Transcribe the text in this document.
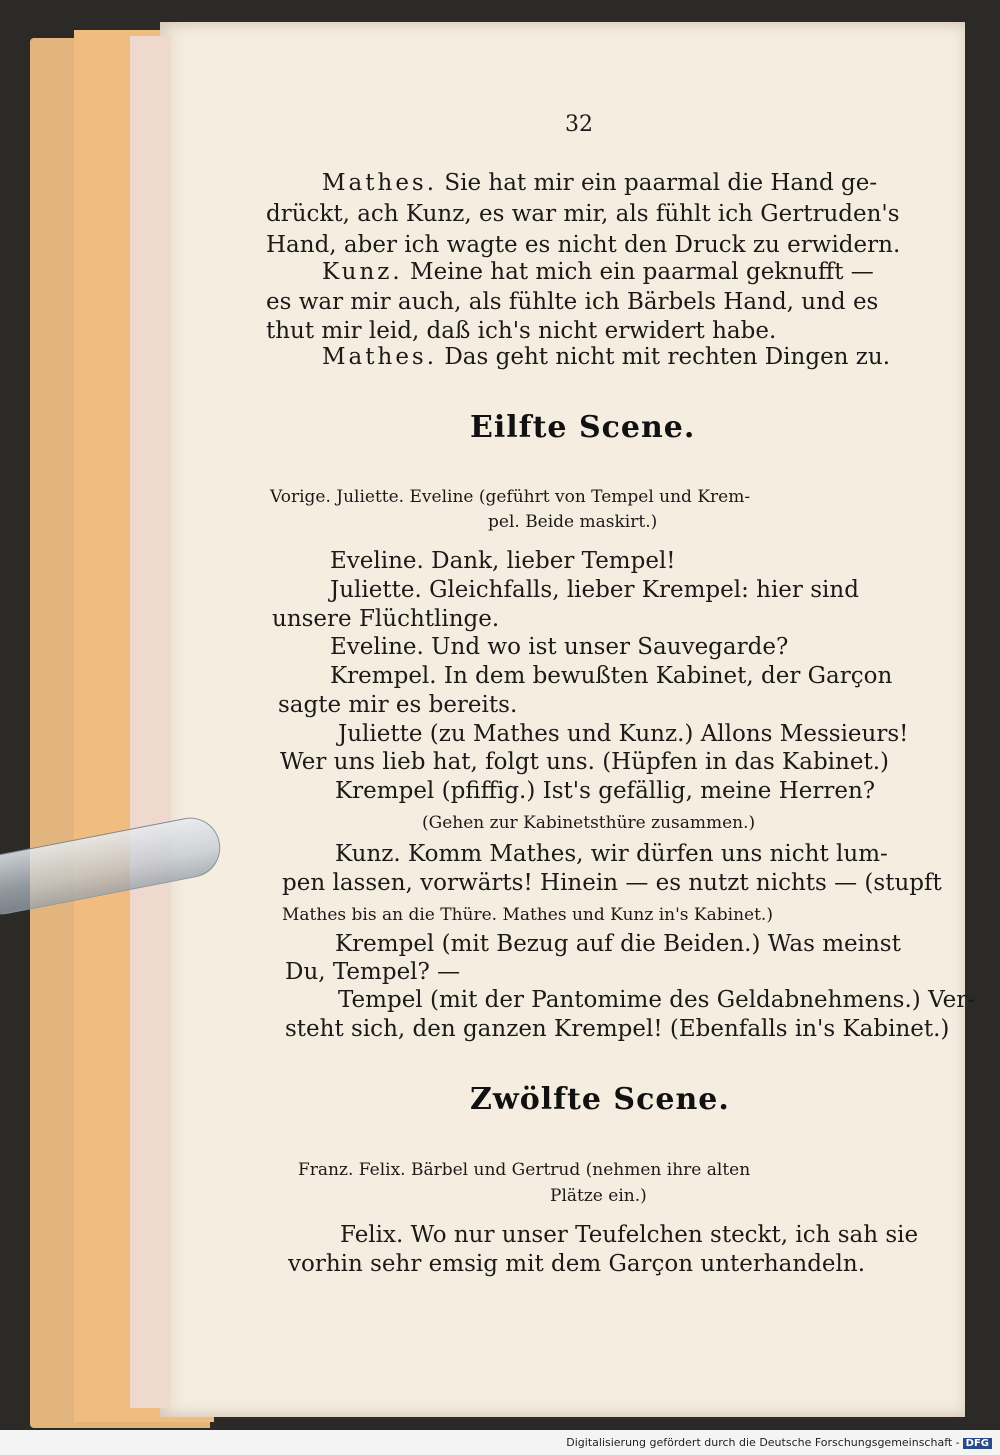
32
Mathes. Sie hat mir ein paarmal die Hand ge-
drückt, ach Kunz, es war mir, als fühlt ich Gertruden's
Hand, aber ich wagte es nicht den Druck zu erwidern.
Kunz. Meine hat mich ein paarmal geknufft —
es war mir auch, als fühlte ich Bärbels Hand, und es
thut mir leid, daß ich's nicht erwidert habe.
Mathes. Das geht nicht mit rechten Dingen zu.
Eilfte Scene.
Vorige. Juliette. Eveline (geführt von Tempel und Krem-
pel. Beide maskirt.)
Eveline. Dank, lieber Tempel!
Juliette. Gleichfalls, lieber Krempel: hier sind
unsere Flüchtlinge.
Eveline. Und wo ist unser Sauvegarde?
Krempel. In dem bewußten Kabinet, der Garçon
sagte mir es bereits.
Juliette (zu Mathes und Kunz.) Allons Messieurs!
Wer uns lieb hat, folgt uns. (Hüpfen in das Kabinet.)
Krempel (pfiffig.) Ist's gefällig, meine Herren?
(Gehen zur Kabinetsthüre zusammen.)
Kunz. Komm Mathes, wir dürfen uns nicht lum-
pen lassen, vorwärts! Hinein — es nutzt nichts — (stupft
Mathes bis an die Thüre. Mathes und Kunz in's Kabinet.)
Krempel (mit Bezug auf die Beiden.) Was meinst
Du, Tempel? —
Tempel (mit der Pantomime des Geldabnehmens.) Ver-
steht sich, den ganzen Krempel! (Ebenfalls in's Kabinet.)
Zwölfte Scene.
Franz. Felix. Bärbel und Gertrud (nehmen ihre alten
Plätze ein.)
Felix. Wo nur unser Teufelchen steckt, ich sah sie
vorhin sehr emsig mit dem Garçon unterhandeln.
Digitalisierung gefördert durch die Deutsche Forschungsgemeinschaft - DFG
